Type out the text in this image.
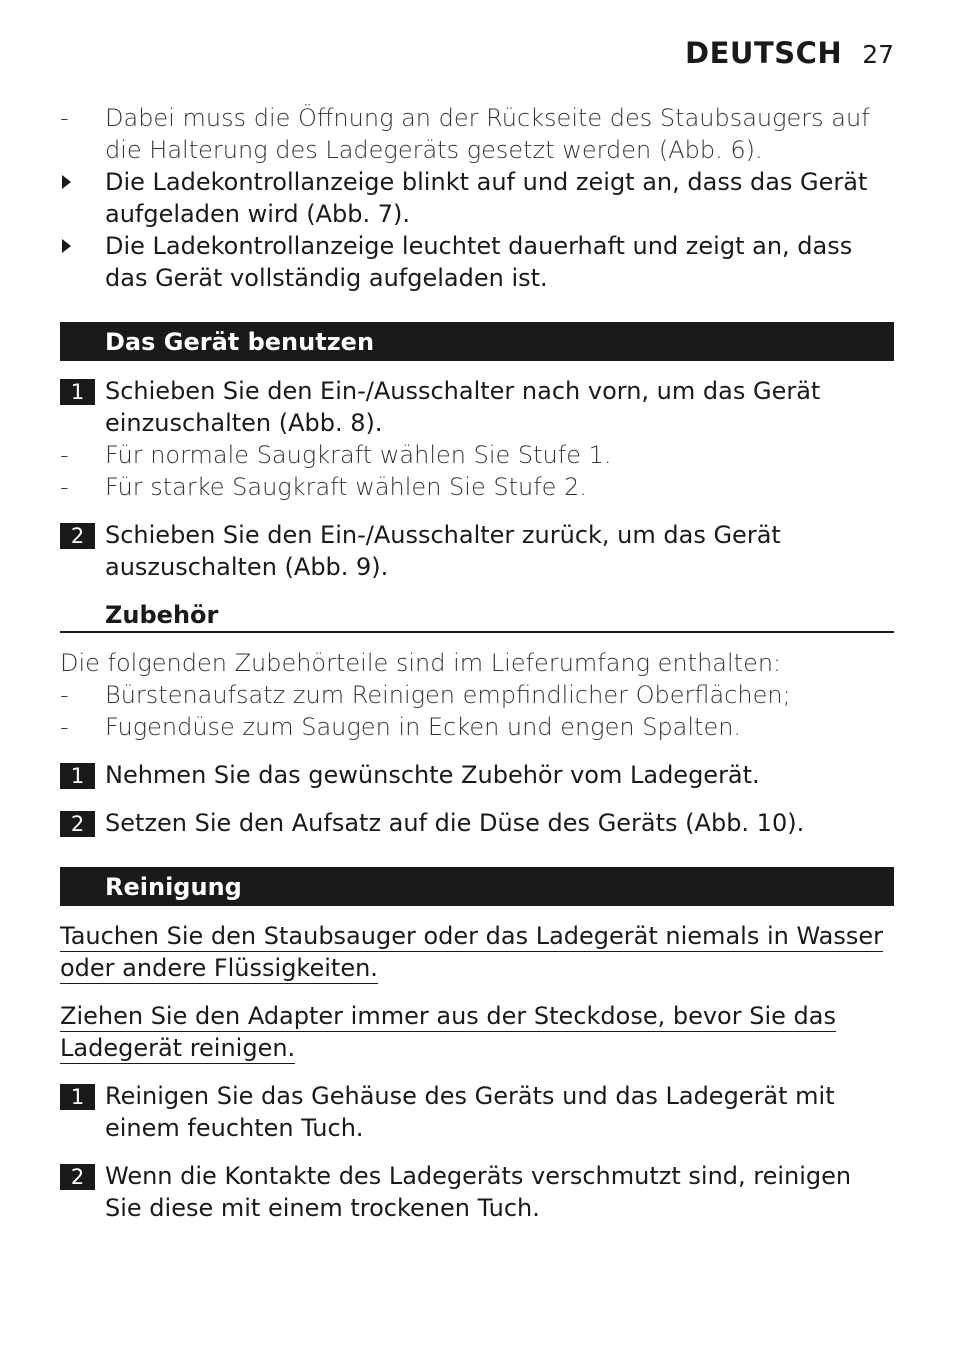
DEUTSCH 27
-	Dabei muss die Öffnung an der Rückseite des Staubsaugers auf die Halterung des Ladegeräts gesetzt werden (Abb. 6).
Die Ladekontrollanzeige blinkt auf und zeigt an, dass das Gerät aufgeladen wird (Abb. 7).
Die Ladekontrollanzeige leuchtet dauerhaft und zeigt an, dass das Gerät vollständig aufgeladen ist.
Das Gerät benutzen
1 Schieben Sie den Ein-/Ausschalter nach vorn, um das Gerät einzuschalten (Abb. 8).
-	Für normale Saugkraft wählen Sie Stufe 1.
-	Für starke Saugkraft wählen Sie Stufe 2.
2 Schieben Sie den Ein-/Ausschalter zurück, um das Gerät auszuschalten (Abb. 9).
Zubehör
Die folgenden Zubehörteile sind im Lieferumfang enthalten:
-	Bürstenaufsatz zum Reinigen empfindlicher Oberflächen;
-	Fugendüse zum Saugen in Ecken und engen Spalten.
1 Nehmen Sie das gewünschte Zubehör vom Ladegerät.
2 Setzen Sie den Aufsatz auf die Düse des Geräts (Abb. 10).
Reinigung
Tauchen Sie den Staubsauger oder das Ladegerät niemals in Wasser
oder andere Flüssigkeiten.
Ziehen Sie den Adapter immer aus der Steckdose, bevor Sie das
Ladegerät reinigen.
1 Reinigen Sie das Gehäuse des Geräts und das Ladegerät mit einem feuchten Tuch.
2 Wenn die Kontakte des Ladegeräts verschmutzt sind, reinigen Sie diese mit einem trockenen Tuch.
